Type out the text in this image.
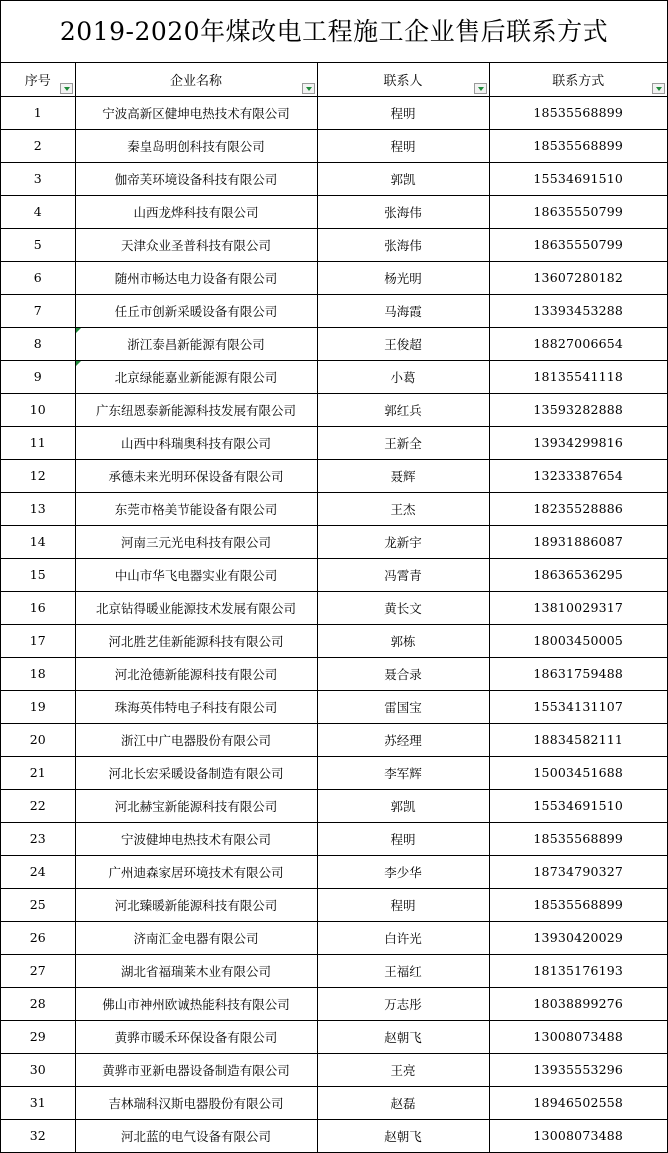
2019-2020年煤改电工程施工企业售后联系方式
序号	企业名称	联系人	联系方式

1	宁波高新区健坤电热技术有限公司	程明	18535568899
2	秦皇岛明创科技有限公司	程明	18535568899
3	伽帝芙环境设备科技有限公司	郭凯	15534691510
4	山西龙烨科技有限公司	张海伟	18635550799
5	天津众业圣普科技有限公司	张海伟	18635550799
6	随州市畅达电力设备有限公司	杨光明	13607280182
7	任丘市创新采暖设备有限公司	马海霞	13393453288
8	浙江泰昌新能源有限公司	王俊超	18827006654
9	北京绿能嘉业新能源有限公司	小葛	18135541118
10	广东纽恩泰新能源科技发展有限公司	郭红兵	13593282888
11	山西中科瑞奥科技有限公司	王新全	13934299816
12	承德未来光明环保设备有限公司	聂辉	13233387654
13	东莞市格美节能设备有限公司	王杰	18235528886
14	河南三元光电科技有限公司	龙新宇	18931886087
15	中山市华飞电器实业有限公司	冯霄青	18636536295
16	北京钻得暖业能源技术发展有限公司	黄长文	13810029317
17	河北胜艺佳新能源科技有限公司	郭栋	18003450005
18	河北沧德新能源科技有限公司	聂合录	18631759488
19	珠海英伟特电子科技有限公司	雷国宝	15534131107
20	浙江中广电器股份有限公司	苏经理	18834582111
21	河北长宏采暖设备制造有限公司	李军辉	15003451688
22	河北赫宝新能源科技有限公司	郭凯	15534691510
23	宁波健坤电热技术有限公司	程明	18535568899
24	广州迪森家居环境技术有限公司	李少华	18734790327
25	河北臻暖新能源科技有限公司	程明	18535568899
26	济南汇金电器有限公司	白许光	13930420029
27	湖北省福瑞莱木业有限公司	王福红	18135176193
28	佛山市神州欧诚热能科技有限公司	万志彤	18038899276
29	黄骅市暖禾环保设备有限公司	赵朝飞	13008073488
30	黄骅市亚新电器设备制造有限公司	王亮	13935553296
31	吉林瑞科汉斯电器股份有限公司	赵磊	18946502558
32	河北蓝的电气设备有限公司	赵朝飞	13008073488
